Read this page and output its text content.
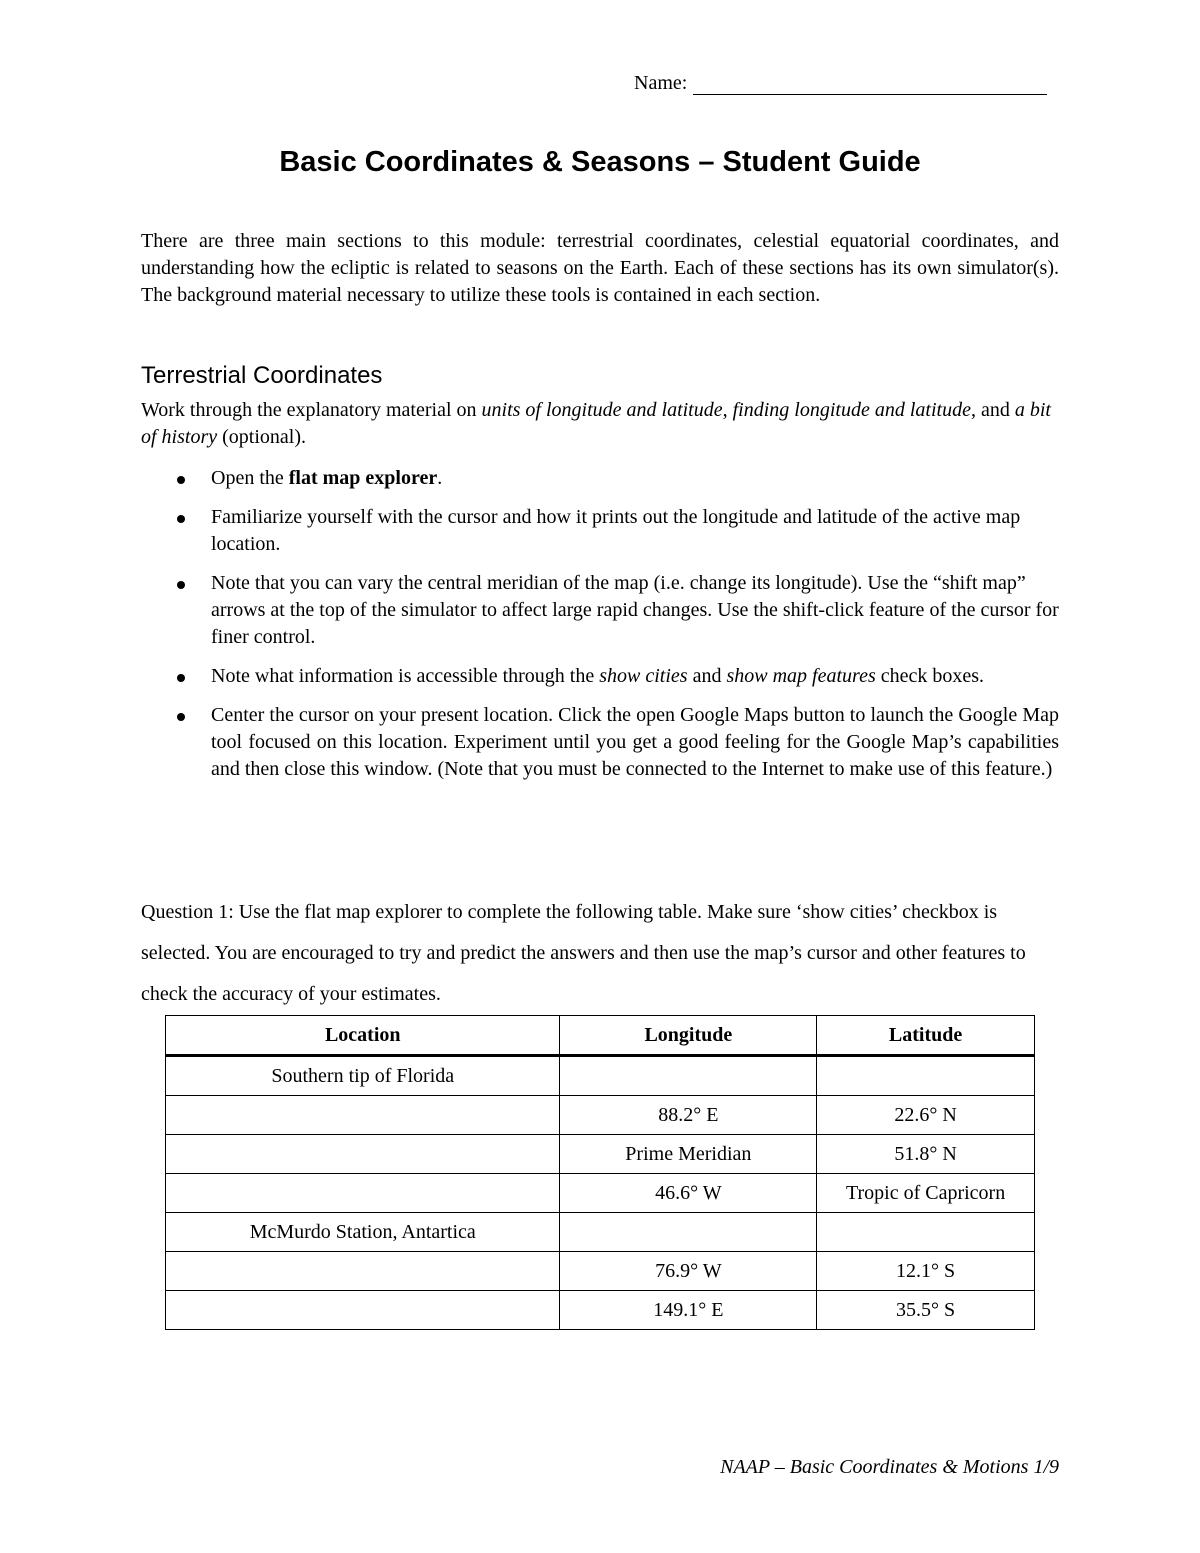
Name:
Basic Coordinates & Seasons – Student Guide

There are three main sections to this module: terrestrial coordinates, celestial equatorial coordinates, and understanding how the ecliptic is related to seasons on the Earth. Each of these sections has its own simulator(s). The background material necessary to utilize these tools is contained in each section.

Terrestrial Coordinates

Work through the explanatory material on units of longitude and latitude, finding longitude and latitude, and a bit of history (optional).

Open the flat map explorer.
Familiarize yourself with the cursor and how it prints out the longitude and latitude of the active map location.
Note that you can vary the central meridian of the map (i.e. change its longitude). Use the “shift map” arrows at the top of the simulator to affect large rapid changes. Use the shift-click feature of the cursor for finer control.
Note what information is accessible through the show cities and show map features check boxes.
Center the cursor on your present location. Click the open Google Maps button to launch the Google Map tool focused on this location. Experiment until you get a good feeling for the Google Map’s capabilities and then close this window. (Note that you must be connected to the Internet to make use of this feature.)

Question 1: Use the flat map explorer to complete the following table. Make sure ‘show cities’ checkbox is selected. You are encouraged to try and predict the answers and then use the map’s cursor and other features to check the accuracy of your estimates.

Location	Longitude	Latitude
Southern tip of Florida		
	88.2° E	22.6° N
	Prime Meridian	51.8° N
	46.6° W	Tropic of Capricorn
McMurdo Station, Antartica		
	76.9° W	12.1° S
	149.1° E	35.5° S
NAAP – Basic Coordinates & Motions 1/9
